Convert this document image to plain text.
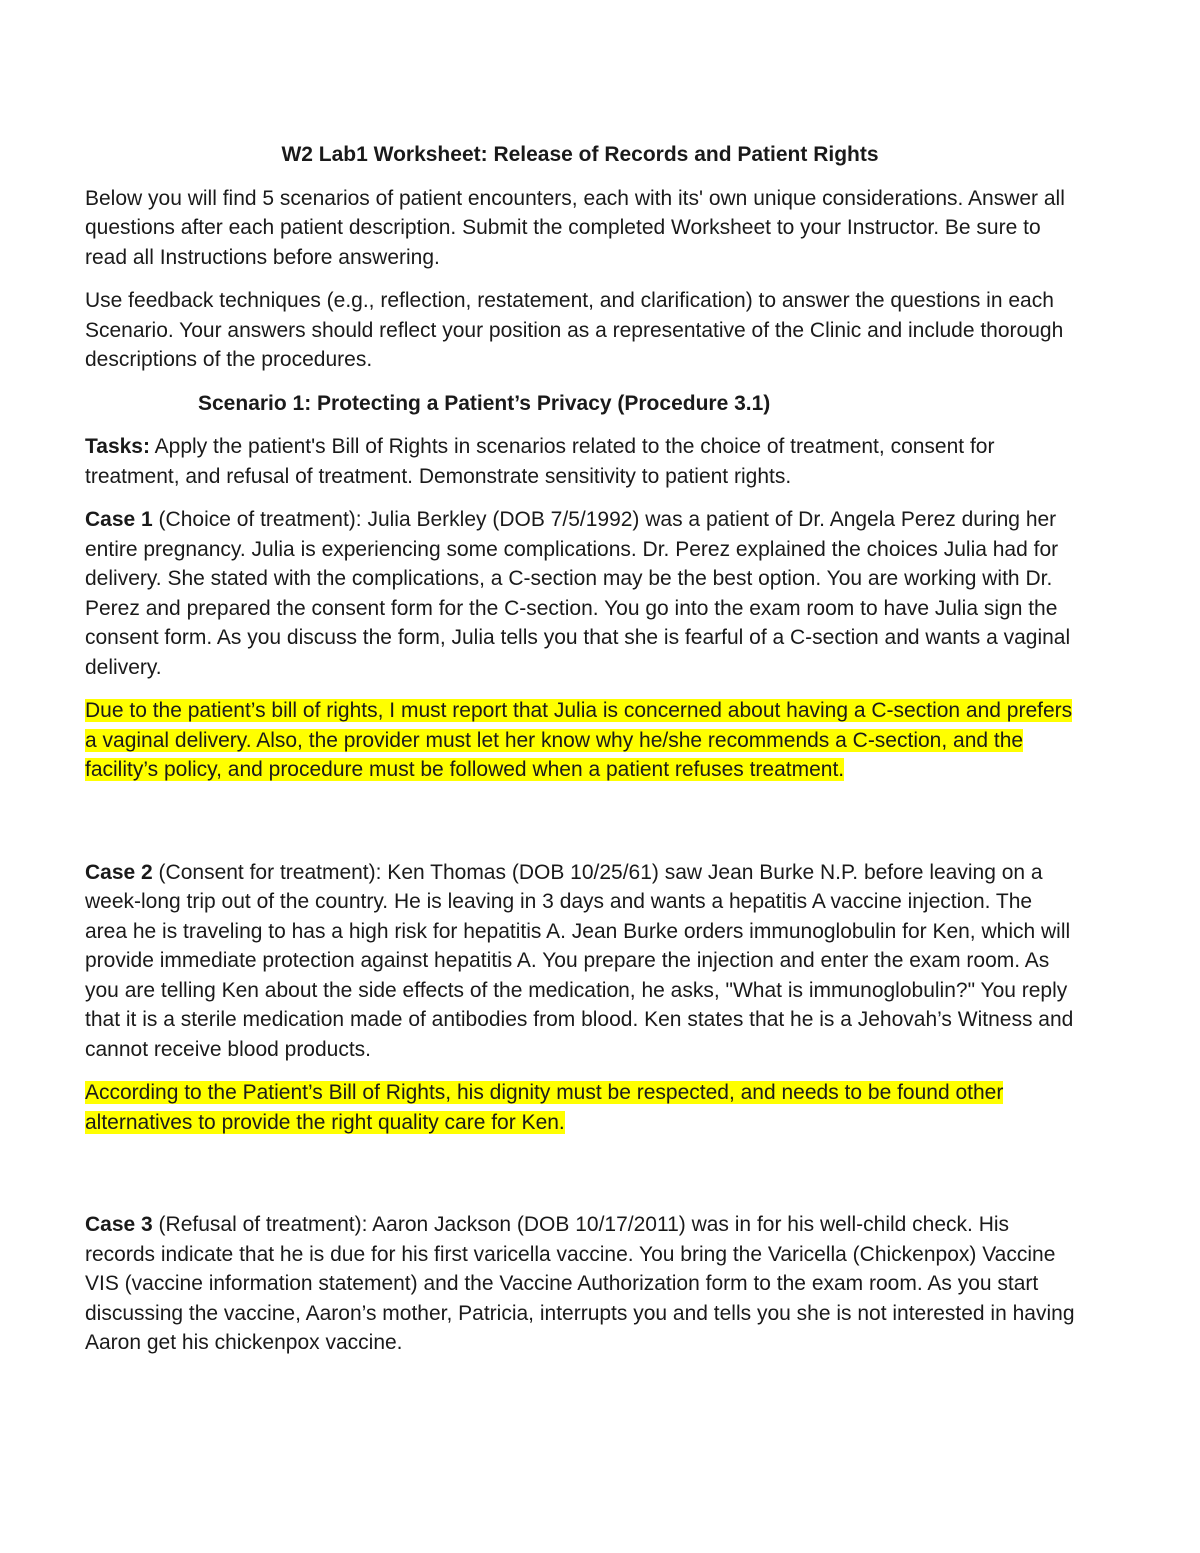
W2 Lab1 Worksheet: Release of Records and Patient Rights

Below you will find 5 scenarios of patient encounters, each with its' own unique considerations. Answer all questions after each patient description. Submit the completed Worksheet to your Instructor. Be sure to read all Instructions before answering.

Use feedback techniques (e.g., reflection, restatement, and clarification) to answer the questions in each Scenario. Your answers should reflect your position as a representative of the Clinic and include thorough descriptions of the procedures.

Scenario 1: Protecting a Patient’s Privacy (Procedure 3.1)

Tasks: Apply the patient's Bill of Rights in scenarios related to the choice of treatment, consent for treatment, and refusal of treatment. Demonstrate sensitivity to patient rights.

Case 1 (Choice of treatment): Julia Berkley (DOB 7/5/1992) was a patient of Dr. Angela Perez during her entire pregnancy. Julia is experiencing some complications. Dr. Perez explained the choices Julia had for delivery. She stated with the complications, a C-section may be the best option. You are working with Dr. Perez and prepared the consent form for the C-section. You go into the exam room to have Julia sign the consent form. As you discuss the form, Julia tells you that she is fearful of a C-section and wants a vaginal delivery.

Due to the patient’s bill of rights, I must report that Julia is concerned about having a C-section and prefers a vaginal delivery. Also, the provider must let her know why he/she recommends a C-section, and the facility’s policy, and procedure must be followed when a patient refuses treatment.

Case 2 (Consent for treatment): Ken Thomas (DOB 10/25/61) saw Jean Burke N.P. before leaving on a week-long trip out of the country. He is leaving in 3 days and wants a hepatitis A vaccine injection. The area he is traveling to has a high risk for hepatitis A. Jean Burke orders immunoglobulin for Ken, which will provide immediate protection against hepatitis A. You prepare the injection and enter the exam room. As you are telling Ken about the side effects of the medication, he asks, "What is immunoglobulin?" You reply that it is a sterile medication made of antibodies from blood. Ken states that he is a Jehovah’s Witness and cannot receive blood products.

According to the Patient’s Bill of Rights, his dignity must be respected, and needs to be found other alternatives to provide the right quality care for Ken.

Case 3 (Refusal of treatment): Aaron Jackson (DOB 10/17/2011) was in for his well-child check. His records indicate that he is due for his first varicella vaccine. You bring the Varicella (Chickenpox) Vaccine VIS (vaccine information statement) and the Vaccine Authorization form to the exam room. As you start discussing the vaccine, Aaron’s mother, Patricia, interrupts you and tells you she is not interested in having Aaron get his chickenpox vaccine.
